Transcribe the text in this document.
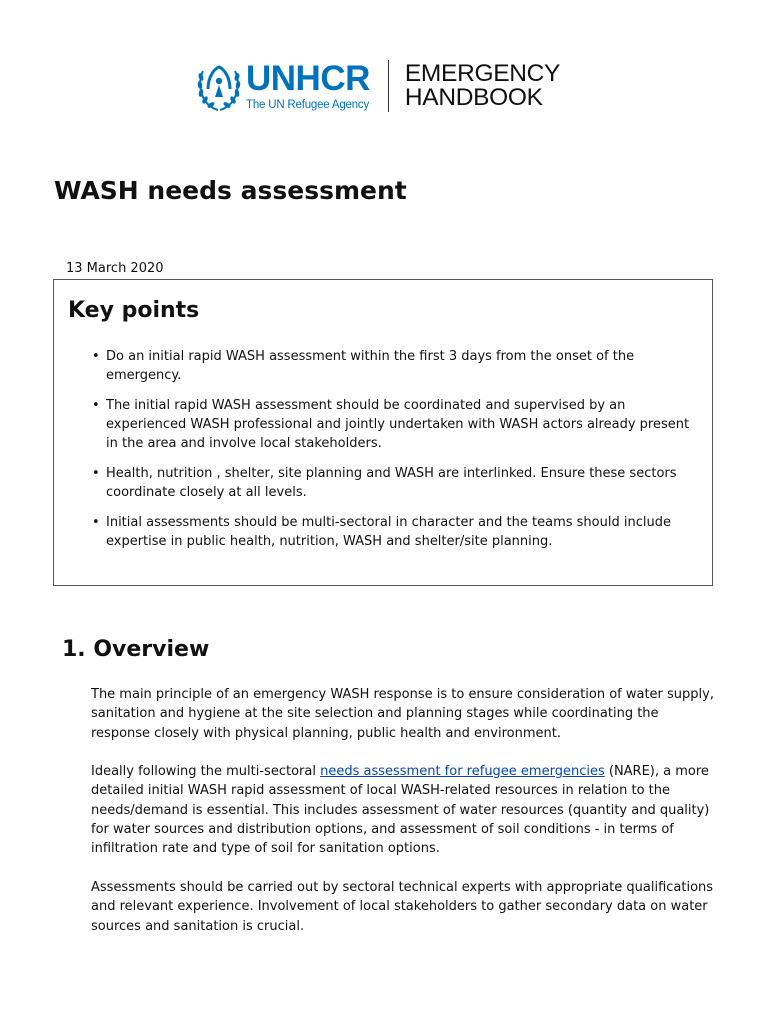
UNHCR
The UN Refugee Agency
EMERGENCY
HANDBOOK
WASH needs assessment
13 March 2020
Key points
• Do an initial rapid WASH assessment within the first 3 days from the onset of the emergency.
• The initial rapid WASH assessment should be coordinated and supervised by an experienced WASH professional and jointly undertaken with WASH actors already present in the area and involve local stakeholders.
• Health, nutrition , shelter, site planning and WASH are interlinked. Ensure these sectors coordinate closely at all levels.
• Initial assessments should be multi-sectoral in character and the teams should include expertise in public health, nutrition, WASH and shelter/site planning.
1. Overview

The main principle of an emergency WASH response is to ensure consideration of water supply, sanitation and hygiene at the site selection and planning stages while coordinating the response closely with physical planning, public health and environment.

Ideally following the multi-sectoral needs assessment for refugee emergencies (NARE), a more detailed initial WASH rapid assessment of local WASH-related resources in relation to the needs/demand is essential. This includes assessment of water resources (quantity and quality) for water sources and distribution options, and assessment of soil conditions - in terms of infiltration rate and type of soil for sanitation options.

Assessments should be carried out by sectoral technical experts with appropriate qualifications and relevant experience. Involvement of local stakeholders to gather secondary data on water sources and sanitation is crucial.
